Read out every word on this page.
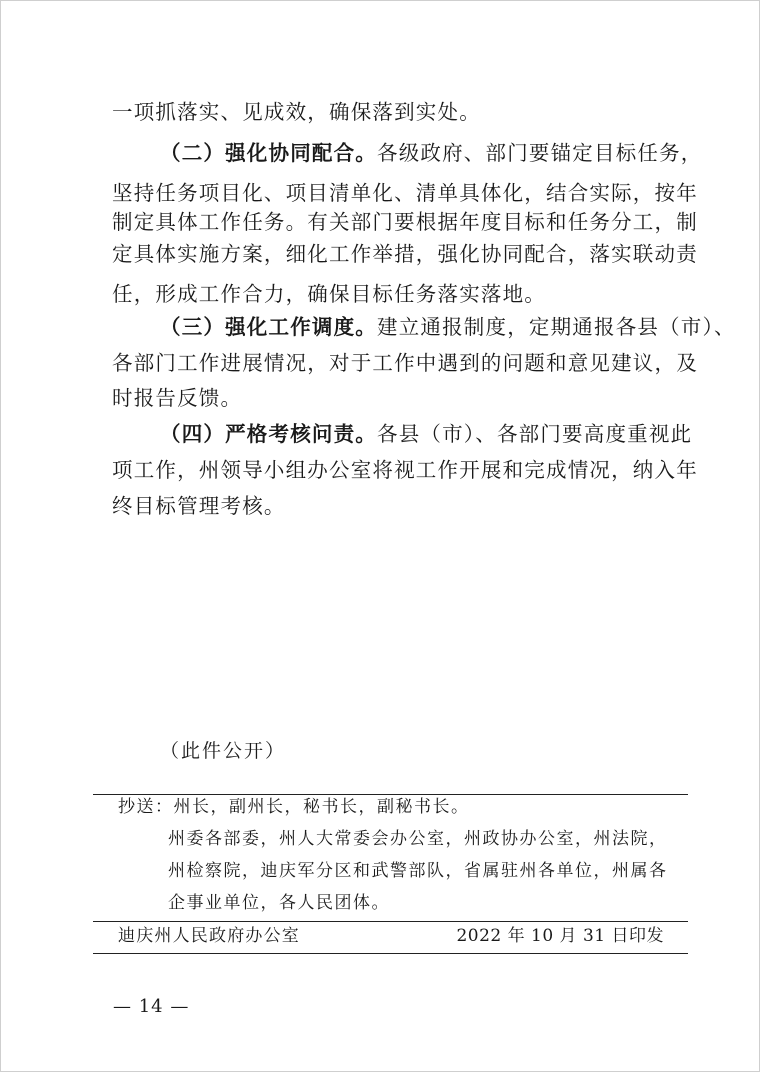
一项抓落实、见成效，确保落到实处。
（二）强化协同配合。各级政府、部门要锚定目标任务，
坚持任务项目化、项目清单化、清单具体化，结合实际，按年
制定具体工作任务。有关部门要根据年度目标和任务分工，制
定具体实施方案，细化工作举措，强化协同配合，落实联动责
任，形成工作合力，确保目标任务落实落地。
（三）强化工作调度。建立通报制度，定期通报各县（市）、
各部门工作进展情况，对于工作中遇到的问题和意见建议，及
时报告反馈。
（四）严格考核问责。各县（市）、各部门要高度重视此
项工作，州领导小组办公室将视工作开展和完成情况，纳入年
终目标管理考核。
（此件公开）
抄送：州长，副州长，秘书长，副秘书长。
州委各部委，州人大常委会办公室，州政协办公室，州法院，
州检察院，迪庆军分区和武警部队，省属驻州各单位，州属各
企事业单位，各人民团体。
迪庆州人民政府办公室	2022 年 10 月 31 日印发
— 14 —
